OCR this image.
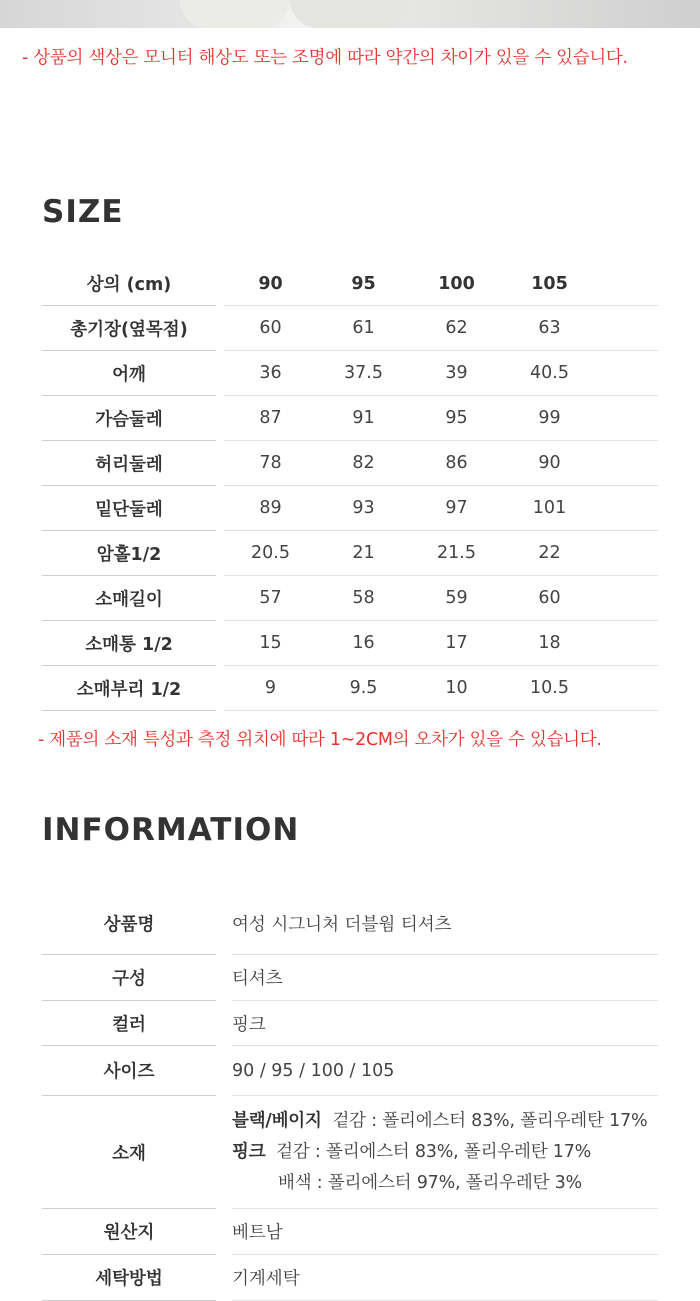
- 상품의 색상은 모니터 해상도 또는 조명에 따라 약간의 차이가 있을 수 있습니다.
SIZE
상의 (cm)		90	95	100	105	
총기장(옆목점)		60	61	62	63	
어깨		36	37.5	39	40.5	
가슴둘레		87	91	95	99	
허리둘레		78	82	86	90	
밑단둘레		89	93	97	101	
암홀1/2		20.5	21	21.5	22	
소매길이		57	58	59	60	
소매통 1/2		15	16	17	18	
소매부리 1/2		9	9.5	10	10.5	
- 제품의 소재 특성과 측정 위치에 따라 1~2CM의 오차가 있을 수 있습니다.
INFORMATION
상품명		여성 시그니처 더블웜 티셔츠
구성		티셔츠
컬러		핑크
사이즈		90 / 95 / 100 / 105
소재		블랙/베이지 겉감 : 폴리에스터 83%, 폴리우레탄 17%
핑크 겉감 : 폴리에스터 83%, 폴리우레탄 17%
배색 : 폴리에스터 97%, 폴리우레탄 3%

원산지		베트남
세탁방법		기계세탁
